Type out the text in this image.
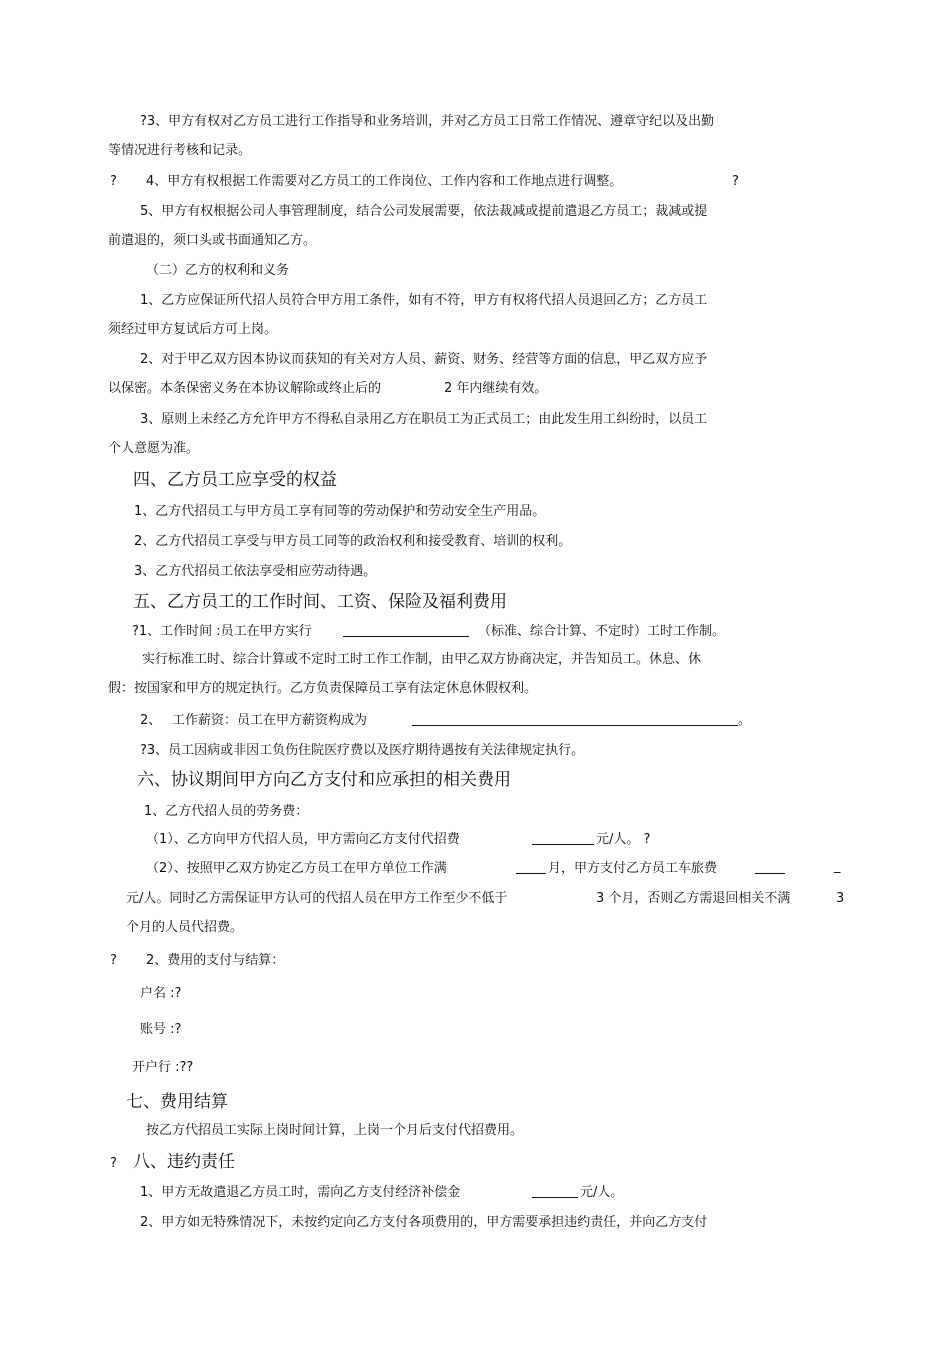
?3、甲方有权对乙方员工进行工作指导和业务培训，并对乙方员工日常工作情况、遵章守纪以及出勤
等情况进行考核和记录。
? 4、甲方有权根据工作需要对乙方员工的工作岗位、工作内容和工作地点进行调整。	?
5、甲方有权根据公司人事管理制度，结合公司发展需要，依法裁减或提前遣退乙方员工；裁减或提
前遣退的，须口头或书面通知乙方。
（二）乙方的权利和义务
1、乙方应保证所代招人员符合甲方用工条件，如有不符，甲方有权将代招人员退回乙方；乙方员工
须经过甲方复试后方可上岗。
2、对于甲乙双方因本协议而获知的有关对方人员、薪资、财务、经营等方面的信息，甲乙双方应予
以保密。本条保密义务在本协议解除或终止后的	2 年内继续有效。
3、原则上未经乙方允许甲方不得私自录用乙方在职员工为正式员工；由此发生用工纠纷时，以员工
个人意愿为准。
四、乙方员工应享受的权益
1、乙方代招员工与甲方员工享有同等的劳动保护和劳动安全生产用品。
2、乙方代招员工享受与甲方员工同等的政治权利和接受教育、培训的权利。
3、乙方代招员工依法享受相应劳动待遇。
五、乙方员工的工作时间、工资、保险及福利费用
?1、工作时间 :员工在甲方实行	（标准、综合计算、不定时）工时工作制。
实行标准工时、综合计算或不定时工时工作工作制，由甲乙双方协商决定，并告知员工。休息、休
假：按国家和甲方的规定执行。乙方负责保障员工享有法定休息休假权利。
2、 工作薪资：员工在甲方薪资构成为	。
?3、员工因病或非因工负伤住院医疗费以及医疗期待遇按有关法律规定执行。
六、协议期间甲方向乙方支付和应承担的相关费用
1、乙方代招人员的劳务费：
（1）、乙方向甲方代招人员，甲方需向乙方支付代招费	元/人。 ?
（2）、按照甲乙双方协定乙方员工在甲方单位工作满	月，甲方支付乙方员工车旅费	_
元/人。同时乙方需保证甲方认可的代招人员在甲方工作至少不低于	3 个月，否则乙方需退回相关不满	3
个月的人员代招费。
? 2、费用的支付与结算：
户名 :?
账号 :?
开户行 :??
七、费用结算
按乙方代招员工实际上岗时间计算，上岗一个月后支付代招费用。
? 八、违约责任
1、甲方无故遣退乙方员工时，需向乙方支付经济补偿金	元/人。
2、甲方如无特殊情况下，未按约定向乙方支付各项费用的，甲方需要承担违约责任，并向乙方支付
